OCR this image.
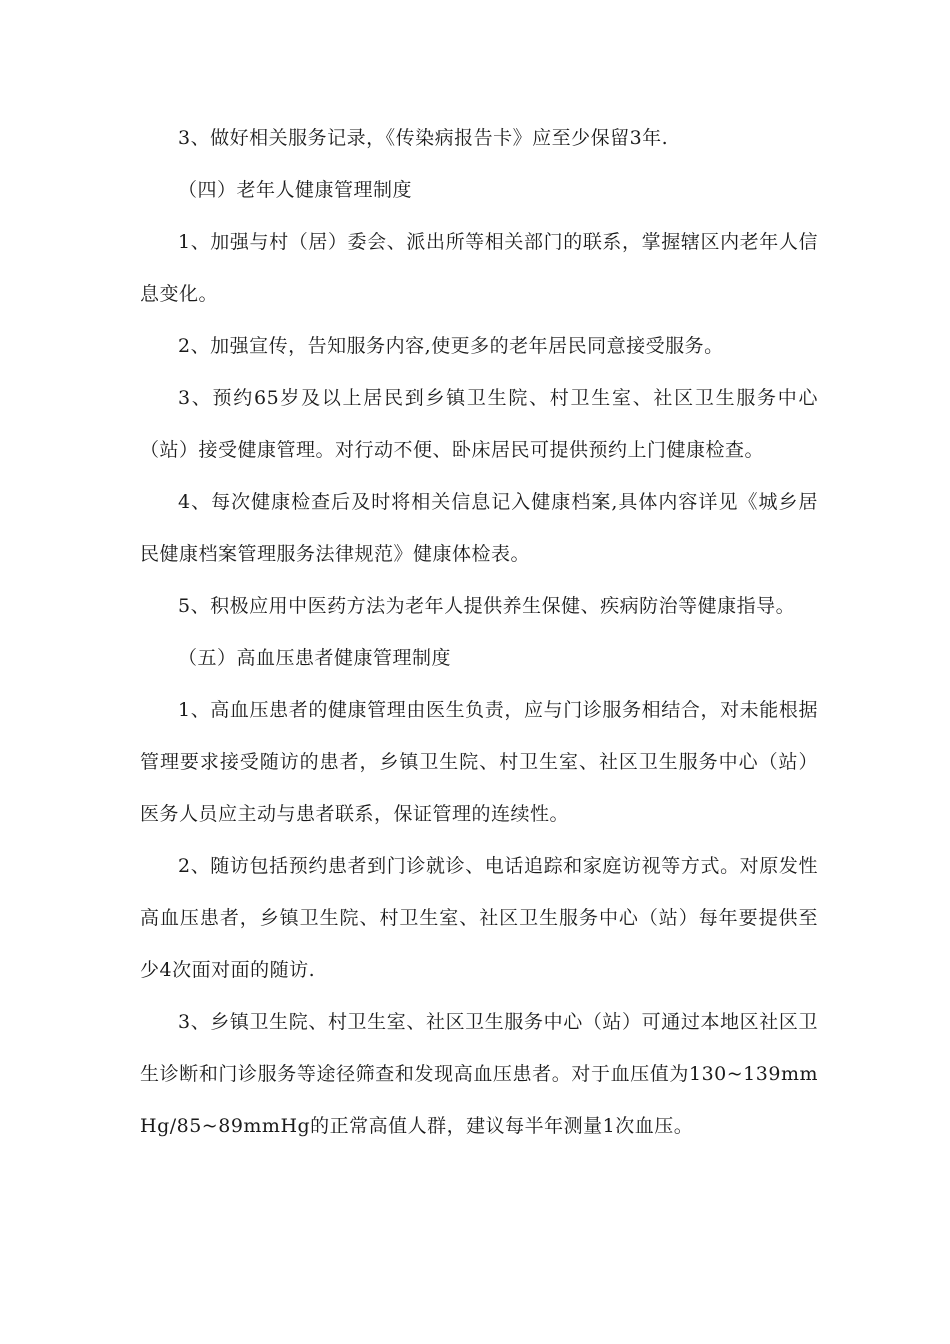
3、做好相关服务记录，《传染病报告卡》应至少保留3年.

（四）老年人健康管理制度

1、加强与村（居）委会、派出所等相关部门的联系，掌握辖区内老年人信息变化。

2、加强宣传，告知服务内容,使更多的老年居民同意接受服务。

3、预约65岁及以上居民到乡镇卫生院、村卫生室、社区卫生服务中心（站）接受健康管理。对行动不便、卧床居民可提供预约上门健康检查。

4、每次健康检查后及时将相关信息记入健康档案,具体内容详见《城乡居民健康档案管理服务法律规范》健康体检表。

5、积极应用中医药方法为老年人提供养生保健、疾病防治等健康指导。

（五）高血压患者健康管理制度

1、高血压患者的健康管理由医生负责，应与门诊服务相结合，对未能根据管理要求接受随访的患者，乡镇卫生院、村卫生室、社区卫生服务中心（站）医务人员应主动与患者联系，保证管理的连续性。

2、随访包括预约患者到门诊就诊、电话追踪和家庭访视等方式。对原发性高血压患者，乡镇卫生院、村卫生室、社区卫生服务中心（站）每年要提供至少4次面对面的随访.

3、乡镇卫生院、村卫生室、社区卫生服务中心（站）可通过本地区社区卫生诊断和门诊服务等途径筛查和发现高血压患者。对于血压值为130~139mmHg/85~89mmHg的正常高值人群，建议每半年测量1次血压。
